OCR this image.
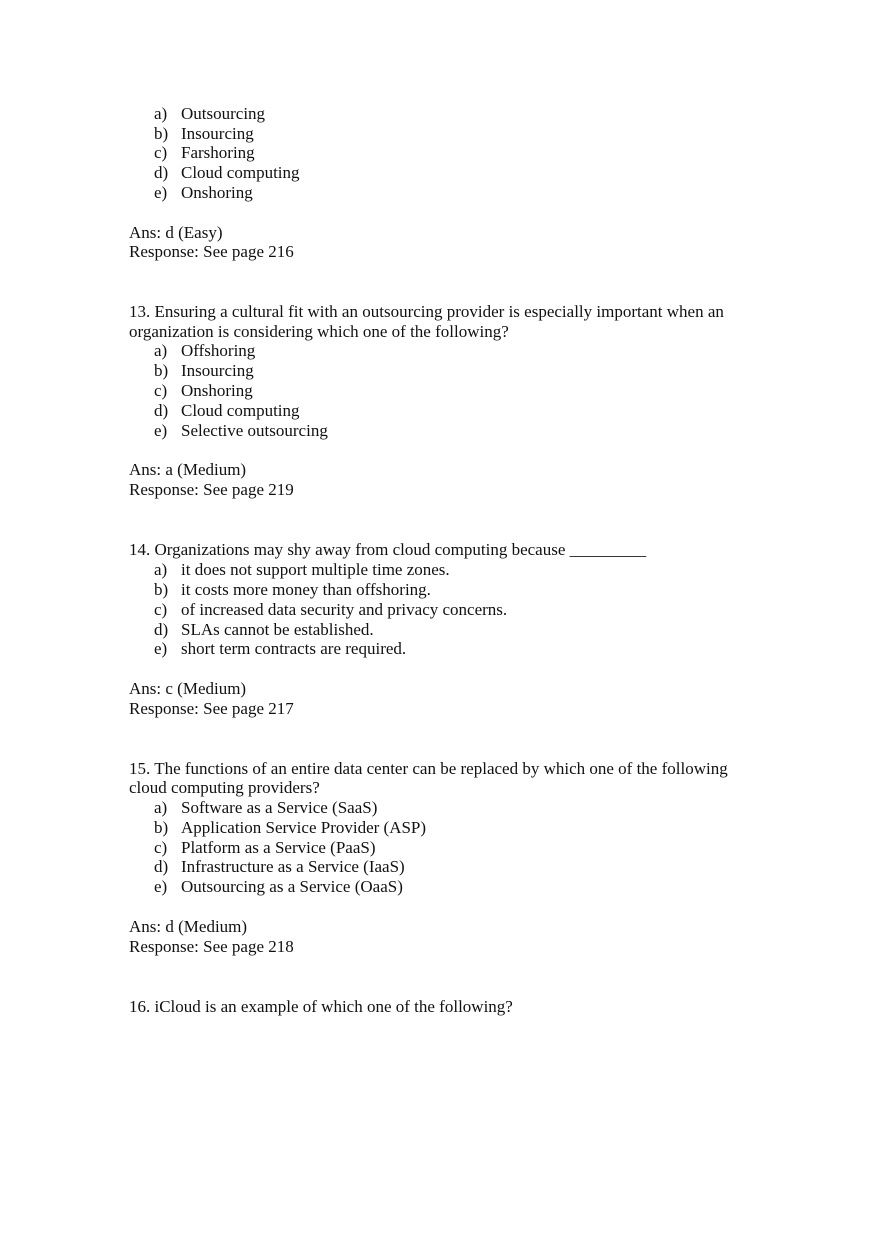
a) Outsourcing
b) Insourcing
c) Farshoring
d) Cloud computing
e) Onshoring
Ans: d (Easy)
Response: See page 216
13. Ensuring a cultural fit with an outsourcing provider is especially important when an
organization is considering which one of the following?
a) Offshoring
b) Insourcing
c) Onshoring
d) Cloud computing
e) Selective outsourcing
Ans: a (Medium)
Response: See page 219
14. Organizations may shy away from cloud computing because _________
a) it does not support multiple time zones.
b) it costs more money than offshoring.
c) of increased data security and privacy concerns.
d) SLAs cannot be established.
e) short term contracts are required.
Ans: c (Medium)
Response: See page 217
15. The functions of an entire data center can be replaced by which one of the following
cloud computing providers?
a) Software as a Service (SaaS)
b) Application Service Provider (ASP)
c) Platform as a Service (PaaS)
d) Infrastructure as a Service (IaaS)
e) Outsourcing as a Service (OaaS)
Ans: d (Medium)
Response: See page 218
16. iCloud is an example of which one of the following?
